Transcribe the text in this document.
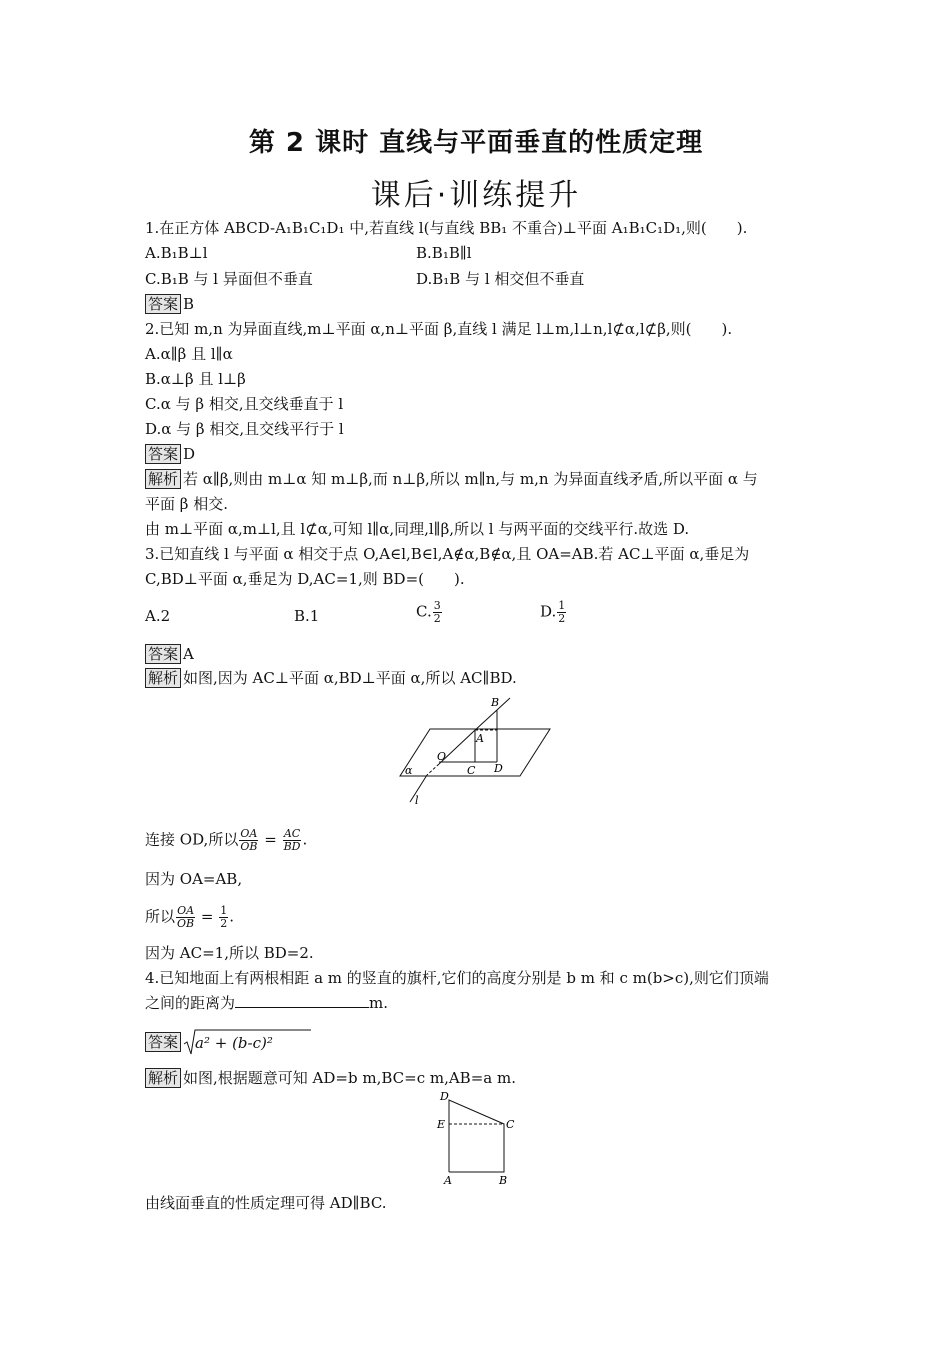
第 2 课时 直线与平面垂直的性质定理
课后·训练提升
1.在正方体 ABCD-A₁B₁C₁D₁ 中,若直线 l(与直线 BB₁ 不重合)⊥平面 A₁B₁C₁D₁,则(　　).
A.B₁B⊥l	B.B₁B∥l
C.B₁B 与 l 异面但不垂直	D.B₁B 与 l 相交但不垂直
答案 B
2.已知 m,n 为异面直线,m⊥平面 α,n⊥平面 β,直线 l 满足 l⊥m,l⊥n,l⊄α,l⊄β,则(　　).
A.α∥β 且 l∥α
B.α⊥β 且 l⊥β
C.α 与 β 相交,且交线垂直于 l
D.α 与 β 相交,且交线平行于 l
答案 D
解析 若 α∥β,则由 m⊥α 知 m⊥β,而 n⊥β,所以 m∥n,与 m,n 为异面直线矛盾,所以平面 α 与
平面 β 相交.
由 m⊥平面 α,m⊥l,且 l⊄α,可知 l∥α,同理,l∥β,所以 l 与两平面的交线平行.故选 D.
3.已知直线 l 与平面 α 相交于点 O,A∈l,B∈l,A∉α,B∉α,且 OA=AB.若 AC⊥平面 α,垂足为
C,BD⊥平面 α,垂足为 D,AC=1,则 BD=(　　).
A.2	B.1	C. $\frac{3}{2}$	D. $\frac{1}{2}$
答案 A
解析 如图,因为 AC⊥平面 α,BD⊥平面 α,所以 AC∥BD.
B
A
O
C D
α
l
连接 OD,所以 $\frac{OA}{OB} = \frac{AC}{BD}$ .
因为 OA=AB,
所以 $\frac{OA}{OB} = \frac{1}{2}$ .
因为 AC=1,所以 BD=2.
4.已知地面上有两根相距 a m 的竖直的旗杆,它们的高度分别是 b m 和 c m(b>c),则它们顶端
之间的距离为	m.
答案 a² + (b-c)²
解析 如图,根据题意可知 AD=b m,BC=c m,AB=a m.
D
E	C
A	B
由线面垂直的性质定理可得 AD∥BC.
